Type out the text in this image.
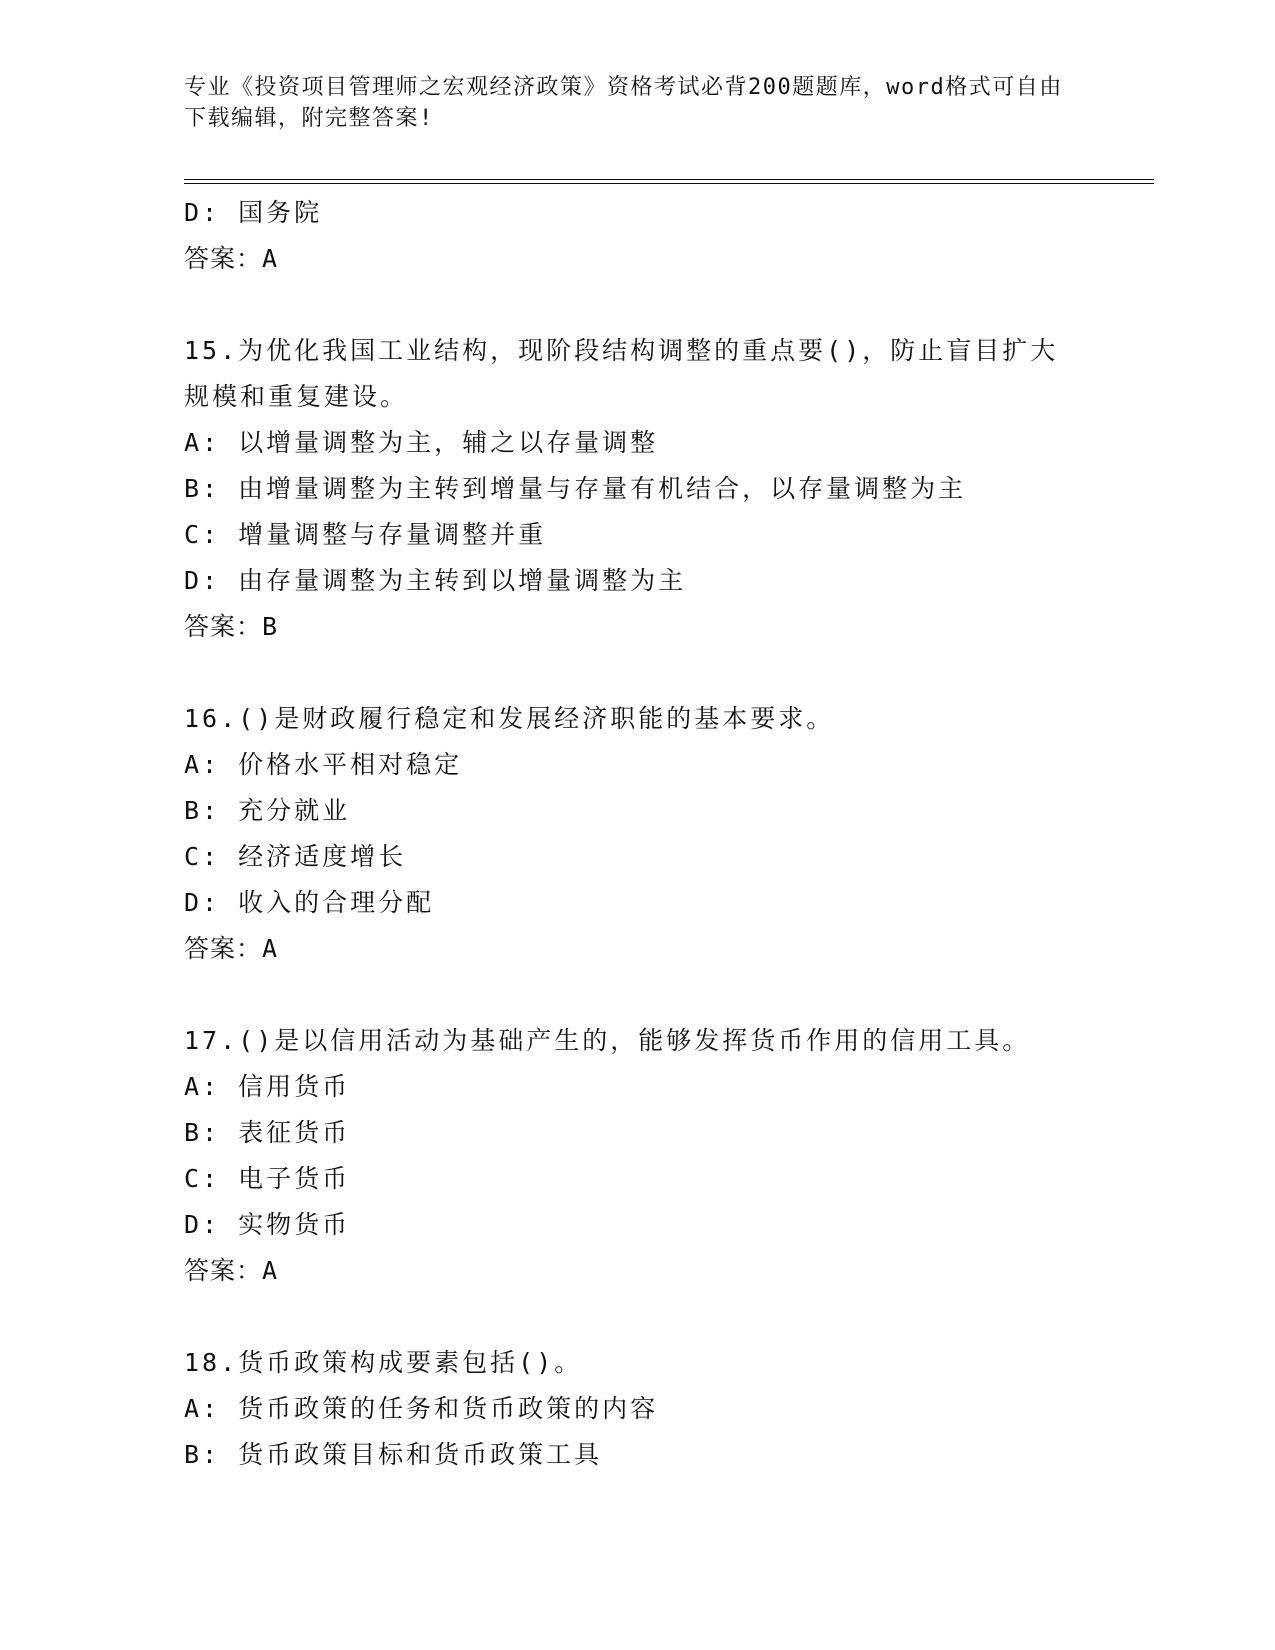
专业《投资项目管理师之宏观经济政策》资格考试必背200题题库，word格式可自由下载编辑，附完整答案!
D: 国务院
答案：A
15.为优化我国工业结构，现阶段结构调整的重点要()，防止盲目扩大规模和重复建设。
A: 以增量调整为主，辅之以存量调整
B: 由增量调整为主转到增量与存量有机结合，以存量调整为主
C: 增量调整与存量调整并重
D: 由存量调整为主转到以增量调整为主
答案：B
16.()是财政履行稳定和发展经济职能的基本要求。
A: 价格水平相对稳定
B: 充分就业
C: 经济适度增长
D: 收入的合理分配
答案：A
17.()是以信用活动为基础产生的，能够发挥货币作用的信用工具。
A: 信用货币
B: 表征货币
C: 电子货币
D: 实物货币
答案：A
18.货币政策构成要素包括()。
A: 货币政策的任务和货币政策的内容
B: 货币政策目标和货币政策工具
